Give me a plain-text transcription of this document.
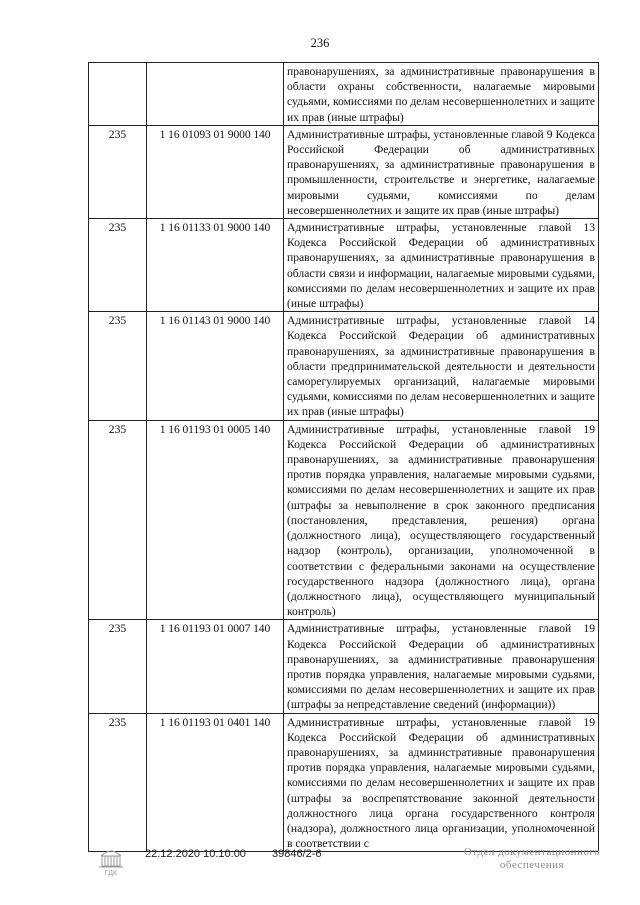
236
		правонарушениях, за административные правонарушения в области охраны собственности, налагаемые мировыми судьями, комиссиями по делам несовершеннолетних и защите их прав (иные штрафы)
235	1 16 01093 01 9000 140	Административные штрафы, установленные главой 9 Кодекса Российской Федерации об административных правонарушениях, за административные правонарушения в промышленности, строительстве и энергетике, налагаемые мировыми судьями, комиссиями по делам несовершеннолетних и защите их прав (иные штрафы)
235	1 16 01133 01 9000 140	Административные штрафы, установленные главой 13 Кодекса Российской Федерации об административных правонарушениях, за административные правонарушения в области связи и информации, налагаемые мировыми судьями, комиссиями по делам несовершеннолетних и защите их прав (иные штрафы)
235	1 16 01143 01 9000 140	Административные штрафы, установленные главой 14 Кодекса Российской Федерации об административных правонарушениях, за административные правонарушения в области предпринимательской деятельности и деятельности саморегулируемых организаций, налагаемые мировыми судьями, комиссиями по делам несовершеннолетних и защите их прав (иные штрафы)
235	1 16 01193 01 0005 140	Административные штрафы, установленные главой 19 Кодекса Российской Федерации об административных правонарушениях, за административные правонарушения против порядка управления, налагаемые мировыми судьями, комиссиями по делам несовершеннолетних и защите их прав (штрафы за невыполнение в срок законного предписания (постановления, представления, решения) органа (должностного лица), осуществляющего государственный надзор (контроль), организации, уполномоченной в соответствии с федеральными законами на осуществление государственного надзора (должностного лица), органа (должностного лица), осуществляющего муниципальный контроль)
235	1 16 01193 01 0007 140	Административные штрафы, установленные главой 19 Кодекса Российской Федерации об административных правонарушениях, за административные правонарушения против порядка управления, налагаемые мировыми судьями, комиссиями по делам несовершеннолетних и защите их прав (штрафы за непредставление сведений (информации))
235	1 16 01193 01 0401 140	Административные штрафы, установленные главой 19 Кодекса Российской Федерации об административных правонарушениях, за административные правонарушения против порядка управления, налагаемые мировыми судьями, комиссиями по делам несовершеннолетних и защите их прав (штрафы за воспрепятствование законной деятельности должностного лица органа государственного контроля (надзора), должностного лица организации, уполномоченной в соответствии с
ГДК
22.12.2020 10:10:00 39846/2-6	Отдел документационного
обеспечения
